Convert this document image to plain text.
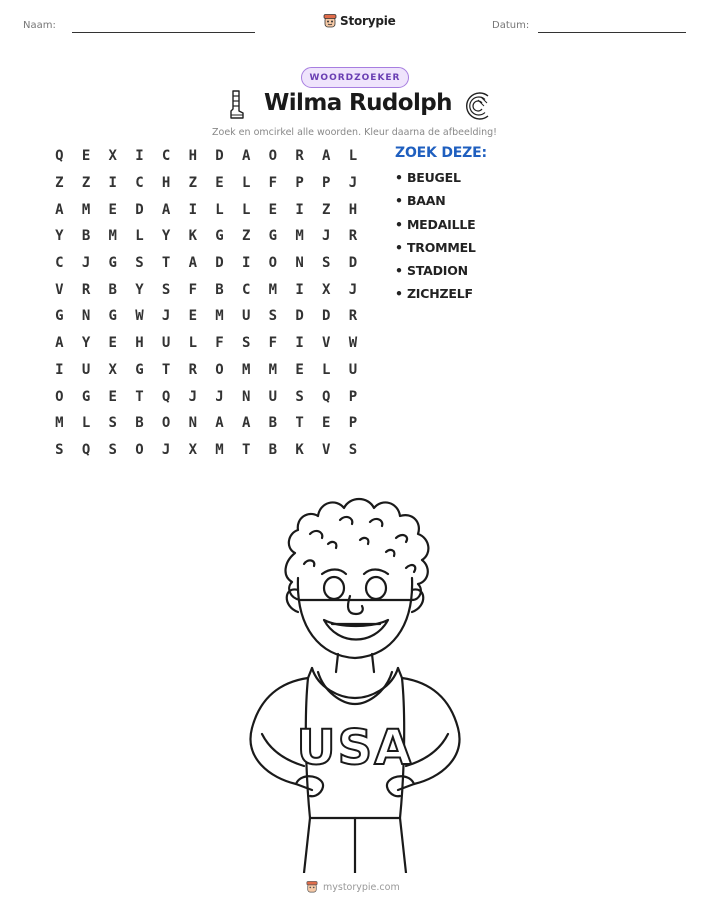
Naam:	Storypie	Datum:
WOORDZOEKER
Wilma Rudolph
Zoek en omcirkel alle woorden. Kleur daarna de afbeelding!
Q	E	X	I	C	H	D	A	O	R	A	L
Z	Z	I	C	H	Z	E	L	F	P	P	J
A	M	E	D	A	I	L	L	E	I	Z	H
Y	B	M	L	Y	K	G	Z	G	M	J	R
C	J	G	S	T	A	D	I	O	N	S	D
V	R	B	Y	S	F	B	C	M	I	X	J
G	N	G	W	J	E	M	U	S	D	D	R
A	Y	E	H	U	L	F	S	F	I	V	W
I	U	X	G	T	R	O	M	M	E	L	U
O	G	E	T	Q	J	J	N	U	S	Q	P
M	L	S	B	O	N	A	A	B	T	E	P
S	Q	S	O	J	X	M	T	B	K	V	S
ZOEK DEZE:
• BEUGEL
• BAAN
• MEDAILLE
• TROMMEL
• STADION
• ZICHZELF
USA
mystorypie.com
